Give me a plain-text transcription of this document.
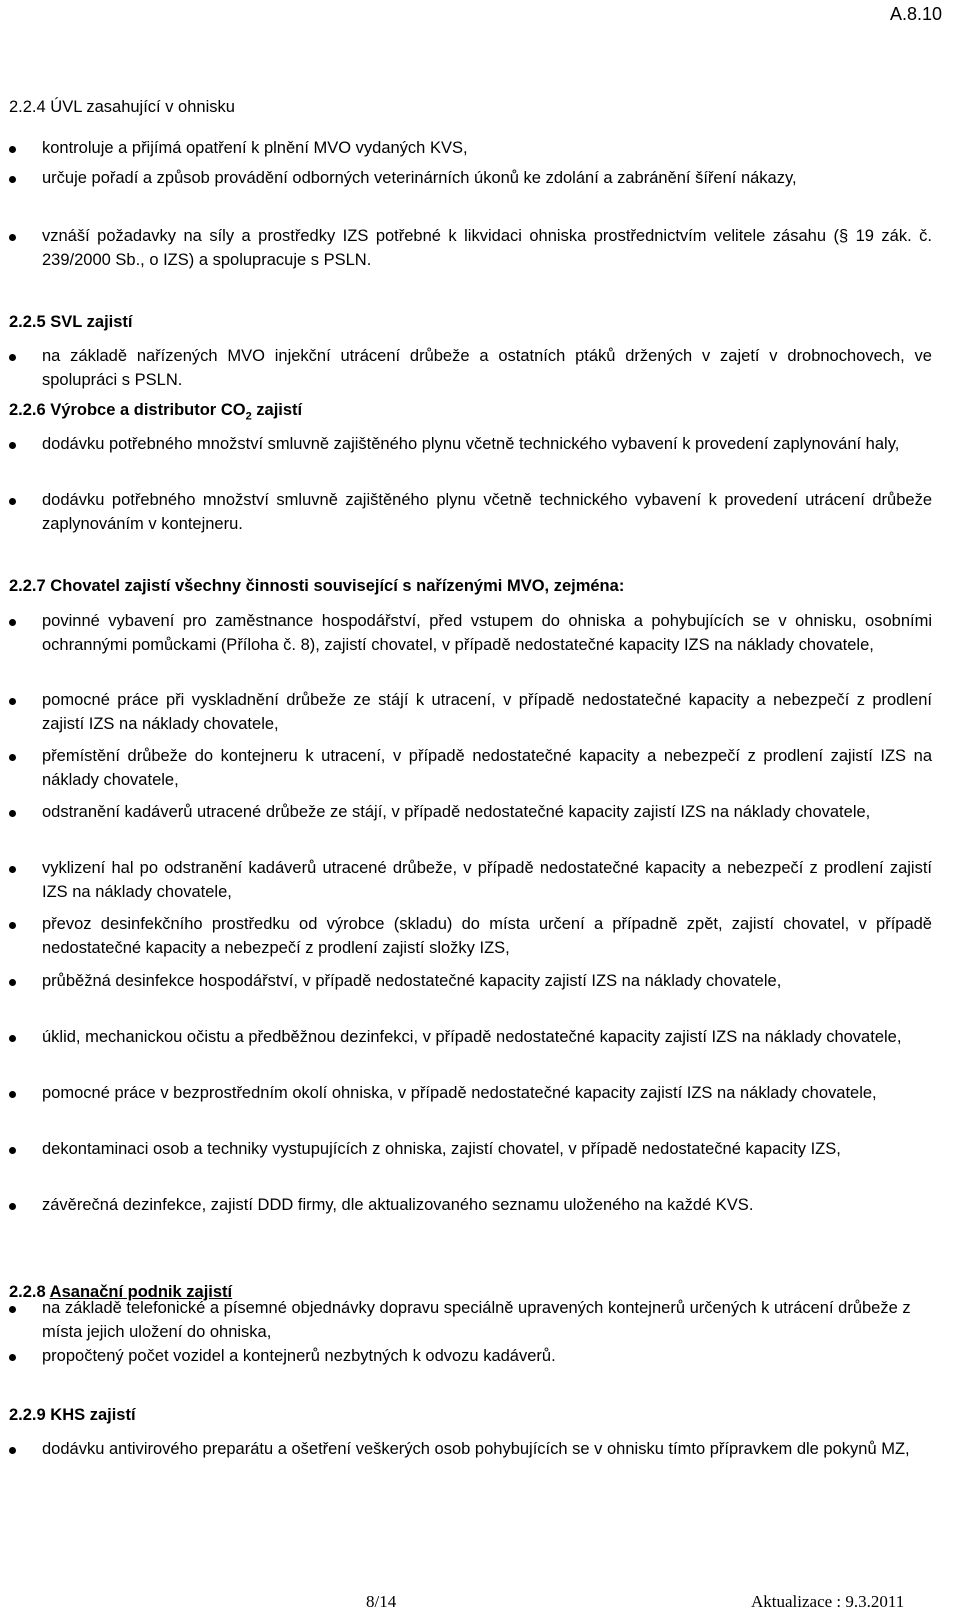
A.8.10
2.2.4 ÚVL zasahující v ohnisku
kontroluje a přijímá opatření k plnění MVO vydaných KVS,
určuje pořadí a způsob provádění odborných veterinárních úkonů ke zdolání a zabránění šíření nákazy,
vznáší požadavky na síly a prostředky IZS potřebné k likvidaci ohniska prostřednictvím velitele zásahu (§ 19 zák. č. 239/2000 Sb., o IZS) a spolupracuje s PSLN.
2.2.5 SVL zajistí
na základě nařízených MVO injekční utrácení drůbeže a ostatních ptáků držených v zajetí v drobnochovech, ve spolupráci s PSLN.
2.2.6 Výrobce a distributor $CO_2$ zajistí
dodávku potřebného množství smluvně zajištěného plynu včetně technického vybavení k provedení zaplynování haly,
dodávku potřebného množství smluvně zajištěného plynu včetně technického vybavení k provedení utrácení drůbeže zaplynováním v kontejneru.
2.2.7 Chovatel zajistí všechny činnosti související s nařízenými MVO, zejména:
povinné vybavení pro zaměstnance hospodářství, před vstupem do ohniska a pohybujících se v ohnisku, osobními ochrannými pomůckami (Příloha č. 8), zajistí chovatel, v případě nedostatečné kapacity IZS na náklady chovatele,
pomocné práce při vyskladnění drůbeže ze stájí k utracení, v případě nedostatečné kapacity a nebezpečí z prodlení zajistí IZS na náklady chovatele,
přemístění drůbeže do kontejneru k utracení, v případě nedostatečné kapacity a nebezpečí z prodlení zajistí IZS na náklady chovatele,
odstranění kadáverů utracené drůbeže ze stájí, v případě nedostatečné kapacity zajistí IZS na náklady chovatele,
vyklizení hal po odstranění kadáverů utracené drůbeže, v případě nedostatečné kapacity a nebezpečí z prodlení zajistí IZS na náklady chovatele,
převoz desinfekčního prostředku od výrobce (skladu) do místa určení a případně zpět, zajistí chovatel, v případě nedostatečné kapacity a nebezpečí z prodlení zajistí složky IZS,
průběžná desinfekce hospodářství, v případě nedostatečné kapacity zajistí IZS na náklady chovatele,
úklid, mechanickou očistu a předběžnou dezinfekci, v případě nedostatečné kapacity zajistí IZS na náklady chovatele,
pomocné práce v bezprostředním okolí ohniska, v případě nedostatečné kapacity zajistí IZS na náklady chovatele,
dekontaminaci osob a techniky vystupujících z ohniska, zajistí chovatel, v případě nedostatečné kapacity IZS,
závěrečná dezinfekce, zajistí DDD firmy, dle aktualizovaného seznamu uloženého na každé KVS.
2.2.8 Asanační podnik zajistí
na základě telefonické a písemné objednávky dopravu speciálně upravených kontejnerů určených k utrácení drůbeže z místa jejich uložení do ohniska,
propočtený počet vozidel a kontejnerů nezbytných k odvozu kadáverů.
2.2.9 KHS zajistí
dodávku antivirového preparátu a ošetření veškerých osob pohybujících se v ohnisku tímto přípravkem dle pokynů MZ,
8/14	Aktualizace : 9.3.2011
